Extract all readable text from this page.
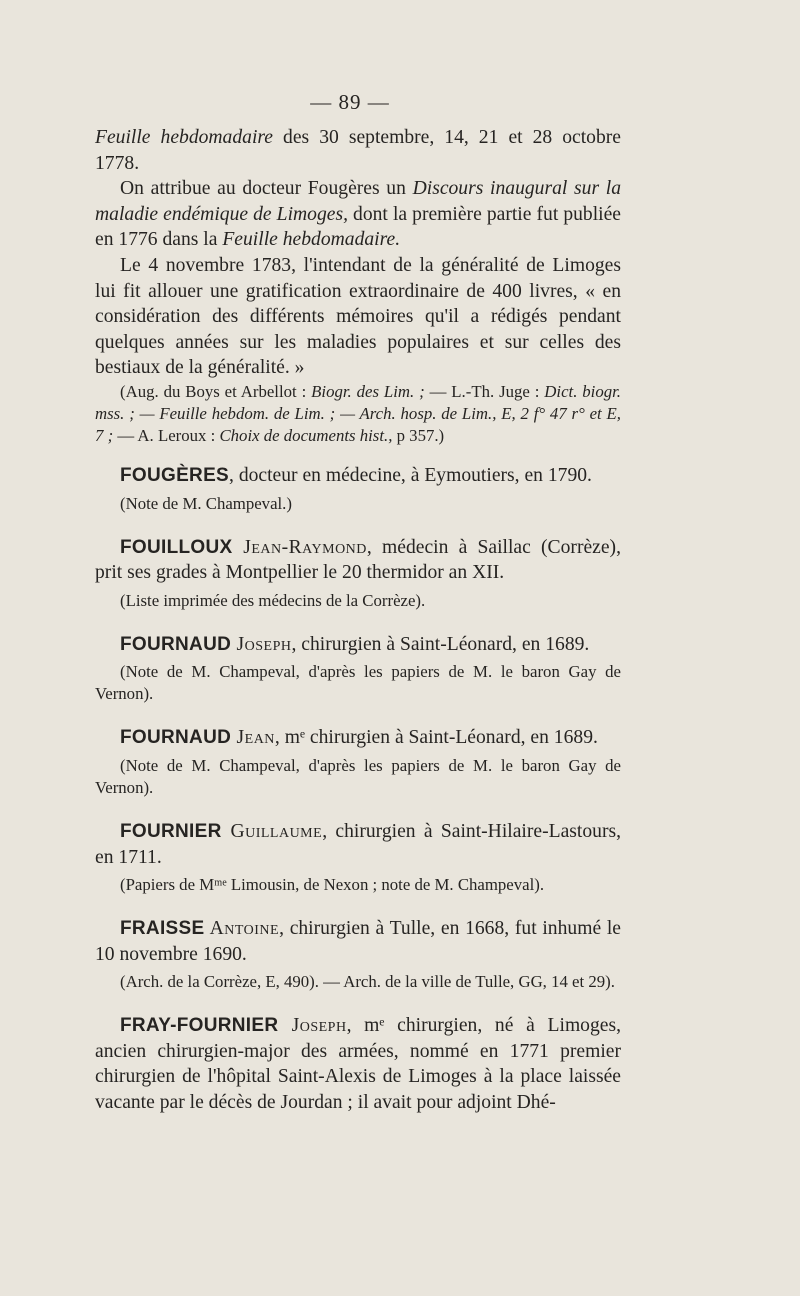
— 89 —

Feuille hebdomadaire des 30 septembre, 14, 21 et 28 octobre 1778.

On attribue au docteur Fougères un Discours inaugural sur la maladie endémique de Limoges, dont la première partie fut publiée en 1776 dans la Feuille hebdomadaire.

Le 4 novembre 1783, l'intendant de la généralité de Limoges lui fit allouer une gratification extraordinaire de 400 livres, « en considération des différents mémoires qu'il a rédigés pendant quelques années sur les maladies populaires et sur celles des bestiaux de la généralité. »

(Aug. du Boys et Arbellot : Biogr. des Lim. ; — L.-Th. Juge : Dict. biogr. mss. ; — Feuille hebdom. de Lim. ; — Arch. hosp. de Lim., E, 2 f° 47 r° et E, 7 ; — A. Leroux : Choix de documents hist., p 357.)

FOUGÈRES, docteur en médecine, à Eymoutiers, en 1790.

(Note de M. Champeval.)

FOUILLOUX Jean-Raymond, médecin à Saillac (Corrèze), prit ses grades à Montpellier le 20 thermidor an XII.

(Liste imprimée des médecins de la Corrèze).

FOURNAUD Joseph, chirurgien à Saint-Léonard, en 1689.

(Note de M. Champeval, d'après les papiers de M. le baron Gay de Vernon).

FOURNAUD Jean, mᵉ chirurgien à Saint-Léonard, en 1689.

(Note de M. Champeval, d'après les papiers de M. le baron Gay de Vernon).

FOURNIER Guillaume, chirurgien à Saint-Hilaire-Lastours, en 1711.

(Papiers de Mᵐᵉ Limousin, de Nexon ; note de M. Champeval).

FRAISSE Antoine, chirurgien à Tulle, en 1668, fut inhumé le 10 novembre 1690.

(Arch. de la Corrèze, E, 490). — Arch. de la ville de Tulle, GG, 14 et 29).

FRAY-FOURNIER Joseph, mᵉ chirurgien, né à Limoges, ancien chirurgien-major des armées, nommé en 1771 premier chirurgien de l'hôpital Saint-Alexis de Limoges à la place laissée vacante par le décès de Jourdan ; il avait pour adjoint Dhé-
